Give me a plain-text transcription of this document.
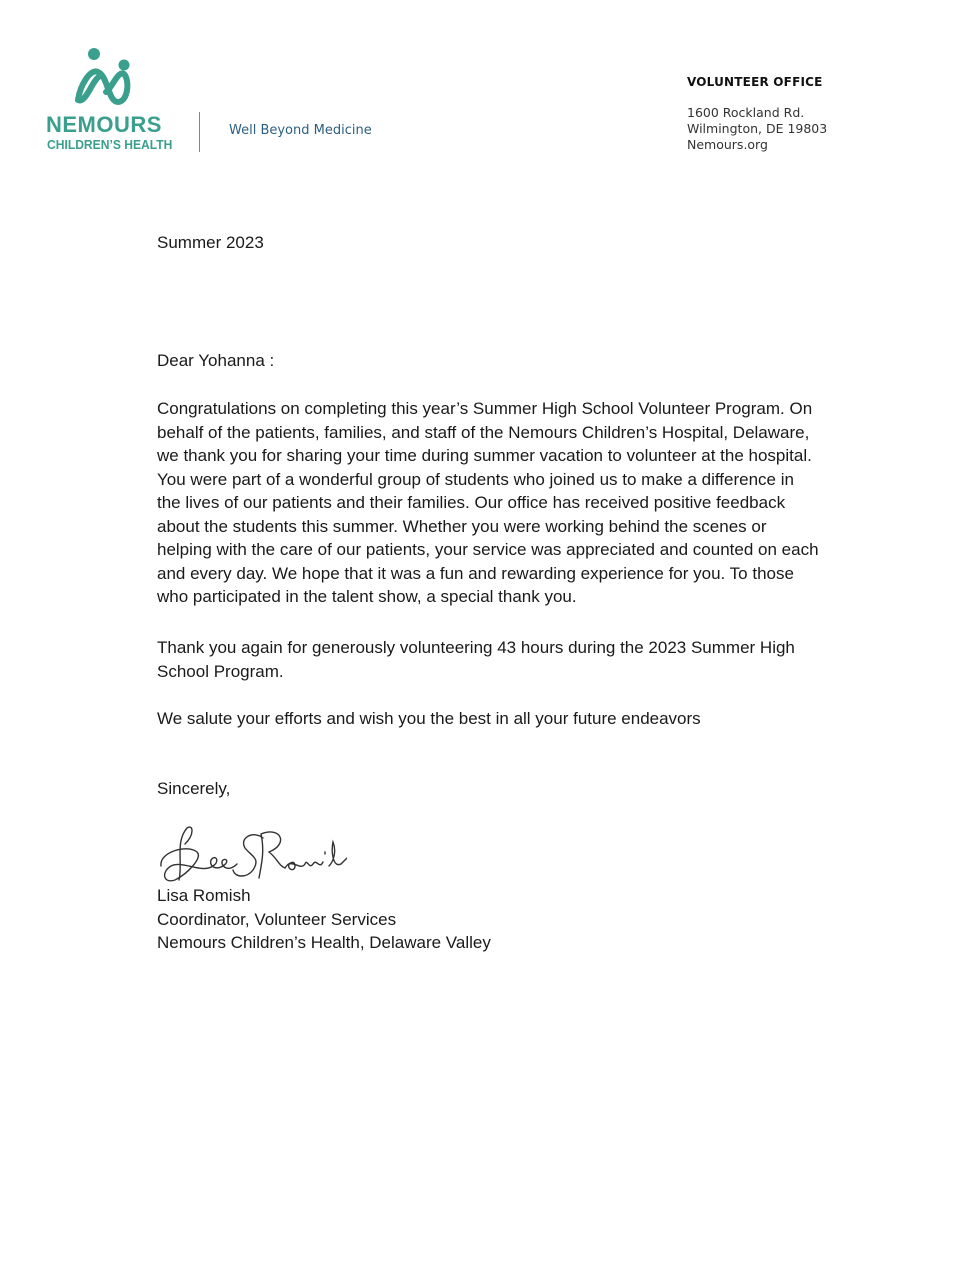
NEMOURS
CHILDREN’S HEALTH
Well Beyond Medicine
VOLUNTEER OFFICE
1600 Rockland Rd.
Wilmington, DE 19803
Nemours.org
Summer 2023
Dear Yohanna :
Congratulations on completing this year’s Summer High School Volunteer Program. On
behalf of the patients, families, and staff of the Nemours Children’s Hospital, Delaware,
we thank you for sharing your time during summer vacation to volunteer at the hospital.
You were part of a wonderful group of students who joined us to make a difference in
the lives of our patients and their families. Our office has received positive feedback
about the students this summer. Whether you were working behind the scenes or
helping with the care of our patients, your service was appreciated and counted on each
and every day. We hope that it was a fun and rewarding experience for you. To those
who participated in the talent show, a special thank you.
Thank you again for generously volunteering 43 hours during the 2023 Summer High
School Program.
We salute your efforts and wish you the best in all your future endeavors
Sincerely,
Lisa Romish
Coordinator, Volunteer Services
Nemours Children’s Health, Delaware Valley
